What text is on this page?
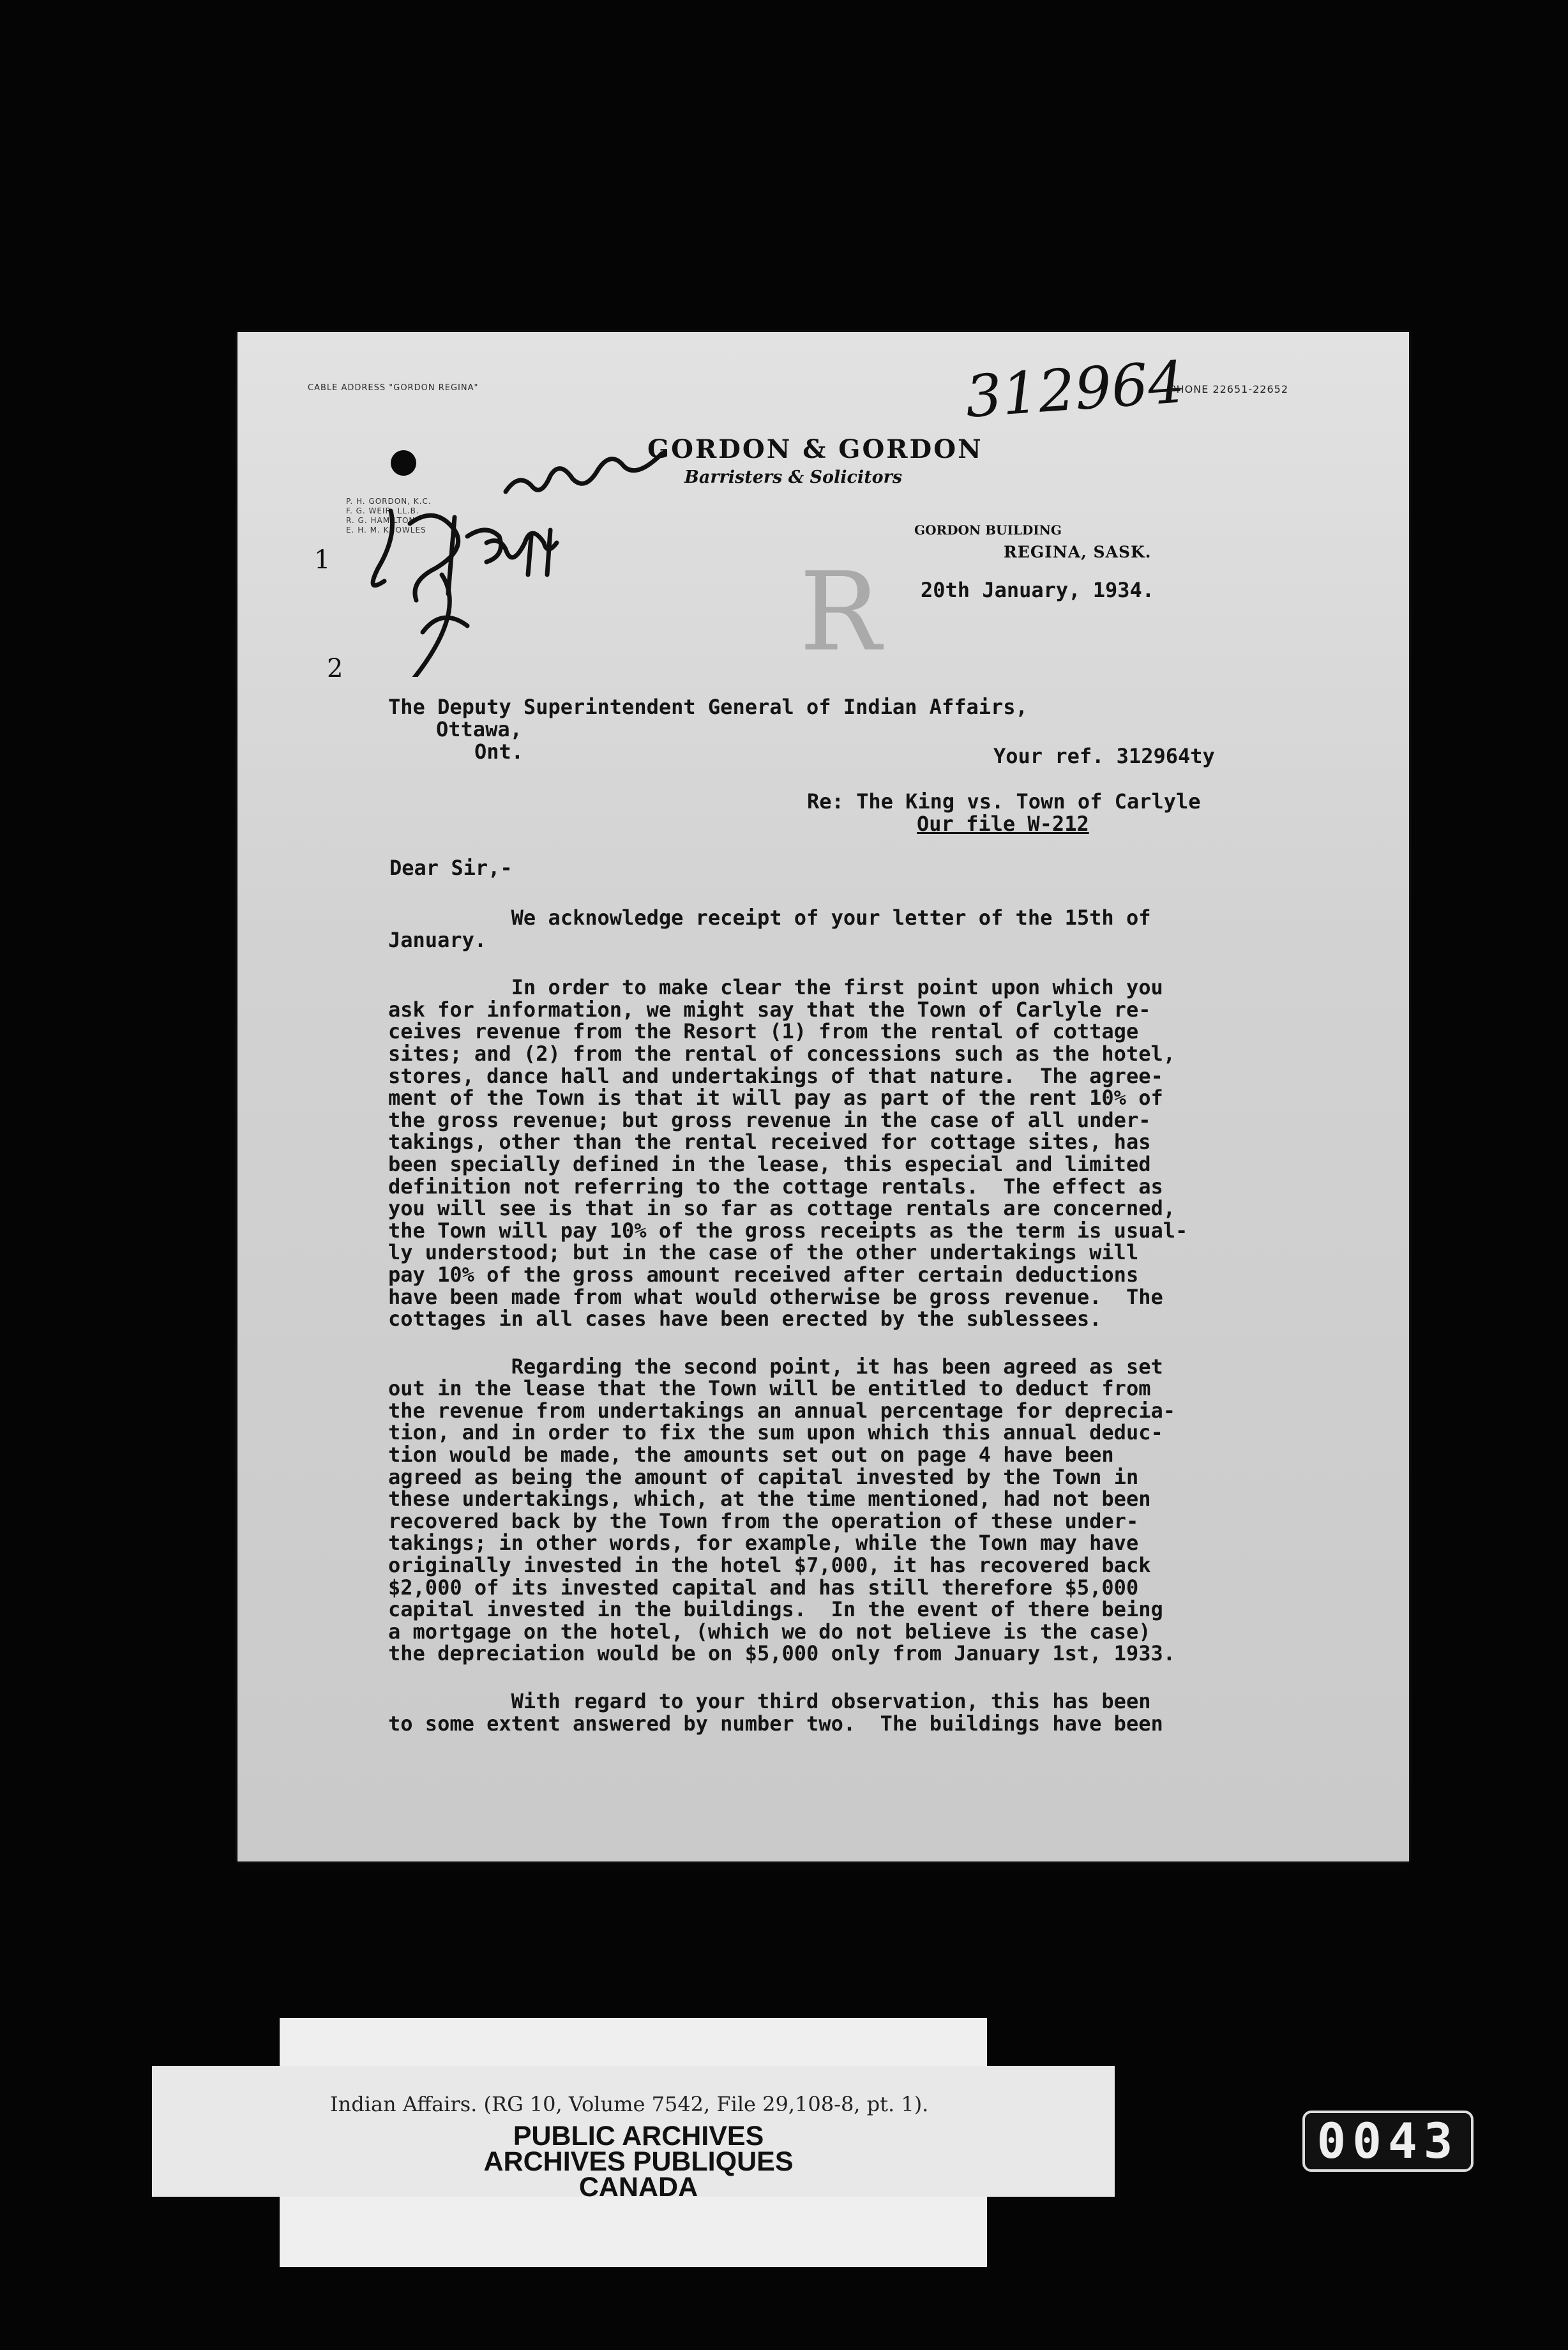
CABLE ADDRESS "GORDON REGINA"	312964
PHONE 22651-22652
GORDON & GORDON
Barristers & Solicitors
P. H. GORDON, K.C.
F. G. WEIR, LL.B.
R. G. HAMILTON
E. H. M. KNOWLES	GORDON BUILDING
REGINA, SASK.
R
1
2
20th January, 1934.
The Deputy Superintendent General of Indian Affairs,
Ottawa,
Ont.	Your ref. 312964ty
Re: The King vs. Town of Carlyle
Our file W-212
Dear Sir,-
We acknowledge receipt of your letter of the 15th of
January.
In order to make clear the first point upon which you
ask for information, we might say that the Town of Carlyle re-
ceives revenue from the Resort (1) from the rental of cottage
sites; and (2) from the rental of concessions such as the hotel,
stores, dance hall and undertakings of that nature.  The agree-
ment of the Town is that it will pay as part of the rent 10% of
the gross revenue; but gross revenue in the case of all under-
takings, other than the rental received for cottage sites, has
been specially defined in the lease, this especial and limited
definition not referring to the cottage rentals.  The effect as
you will see is that in so far as cottage rentals are concerned,
the Town will pay 10% of the gross receipts as the term is usual-
ly understood; but in the case of the other undertakings will
pay 10% of the gross amount received after certain deductions
have been made from what would otherwise be gross revenue.  The
cottages in all cases have been erected by the sublessees.
Regarding the second point, it has been agreed as set
out in the lease that the Town will be entitled to deduct from
the revenue from undertakings an annual percentage for deprecia-
tion, and in order to fix the sum upon which this annual deduc-
tion would be made, the amounts set out on page 4 have been
agreed as being the amount of capital invested by the Town in
these undertakings, which, at the time mentioned, had not been
recovered back by the Town from the operation of these under-
takings; in other words, for example, while the Town may have
originally invested in the hotel $7,000, it has recovered back
$2,000 of its invested capital and has still therefore $5,000
capital invested in the buildings.  In the event of there being
a mortgage on the hotel, (which we do not believe is the case)
the depreciation would be on $5,000 only from January 1st, 1933.
With regard to your third observation, this has been
to some extent answered by number two.  The buildings have been
Indian Affairs. (RG 10, Volume 7542, File 29,108-8, pt. 1).
PUBLIC ARCHIVES
ARCHIVES PUBLIQUES
CANADA
0043
